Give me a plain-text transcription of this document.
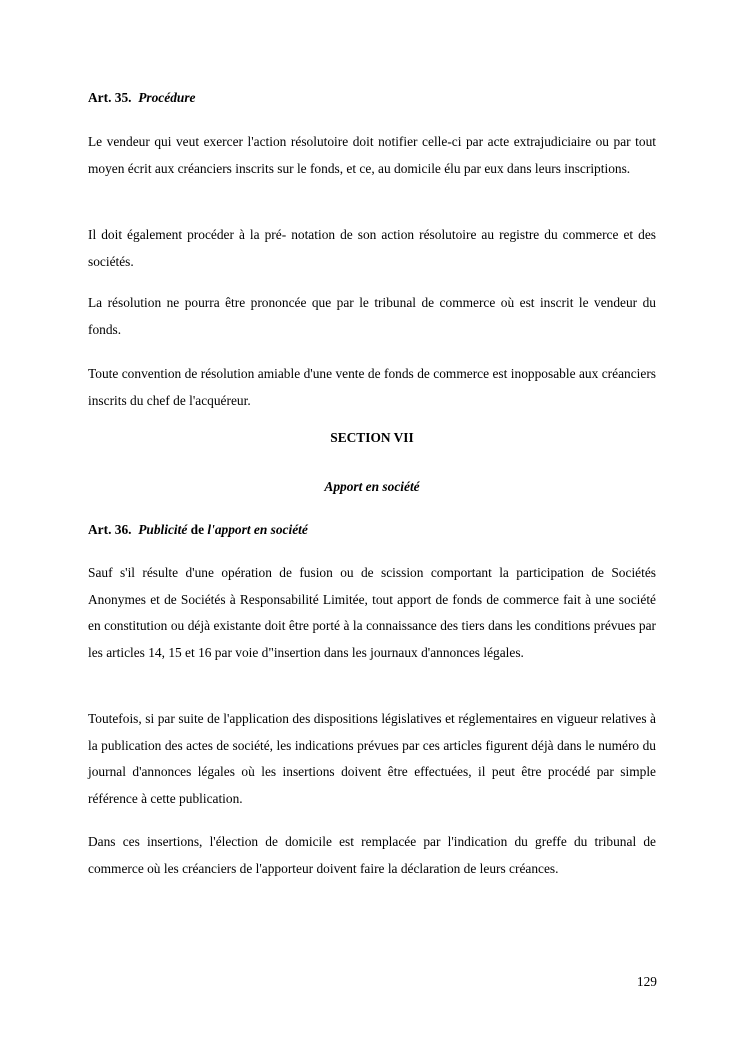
Art. 35. Procédure
Le vendeur qui veut exercer l'action résolutoire doit notifier celle-ci par acte extrajudiciaire ou par tout moyen écrit aux créanciers inscrits sur le fonds, et ce, au domicile élu par eux dans leurs inscriptions.
Il doit également procéder à la pré- notation de son action résolutoire au registre du commerce et des sociétés.
La résolution ne pourra être prononcée que par le tribunal de commerce où est inscrit le vendeur du fonds.
Toute convention de résolution amiable d'une vente de fonds de commerce est inopposable aux créanciers inscrits du chef de l'acquéreur.
SECTION VII
Apport en société
Art. 36. Publicité de l'apport en société
Sauf s'il résulte d'une opération de fusion ou de scission comportant la participation de Sociétés Anonymes et de Sociétés à Responsabilité Limitée, tout apport de fonds de commerce fait à une société en constitution ou déjà existante doit être porté à la connaissance des tiers dans les conditions prévues par les articles 14, 15 et 16 par voie d"insertion dans les journaux d'annonces légales.
Toutefois, si par suite de l'application des dispositions législatives et réglementaires en vigueur relatives à la publication des actes de société, les indications prévues par ces articles figurent déjà dans le numéro du journal d'annonces légales où les insertions doivent être effectuées, il peut être procédé par simple référence à cette publication.
Dans ces insertions, l'élection de domicile est remplacée par l'indication du greffe du tribunal de commerce où les créanciers de l'apporteur doivent faire la déclaration de leurs créances.
129
